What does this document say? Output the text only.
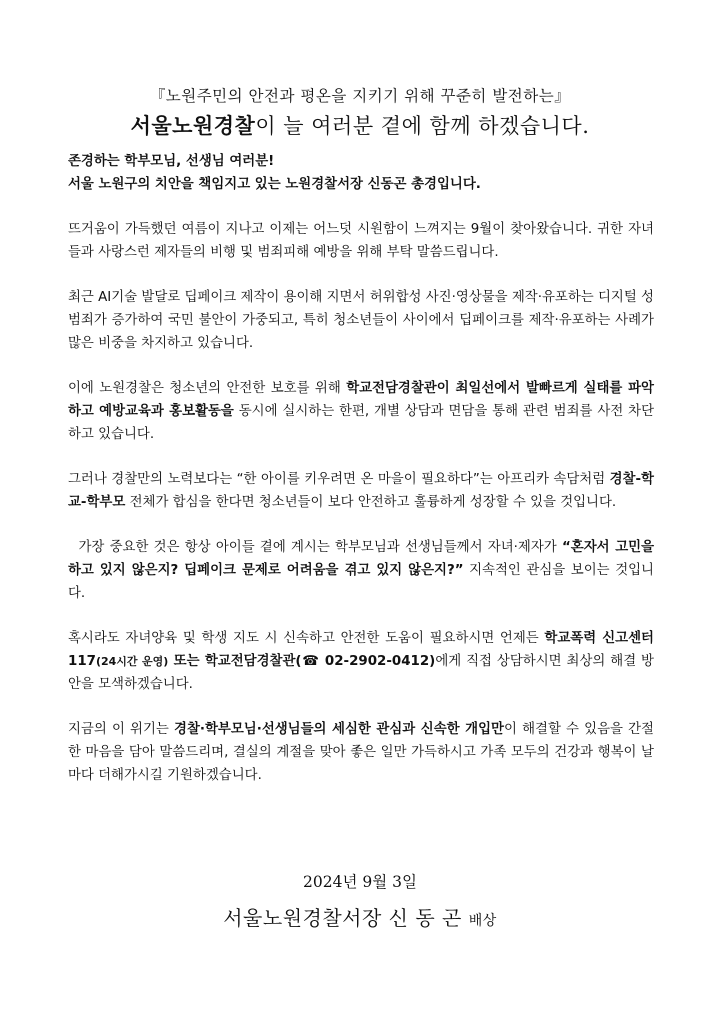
『노원주민의 안전과 평온을 지키기 위해 꾸준히 발전하는』
서울노원경찰이 늘 여러분 곁에 함께 하겠습니다.

존경하는 학부모님, 선생님 여러분!
서울 노원구의 치안을 책임지고 있는 노원경찰서장 신동곤 총경입니다.

뜨거움이 가득했던 여름이 지나고 이제는 어느덧 시원함이 느껴지는 9월이 찾아왔습니다. 귀한 자녀들과 사랑스런 제자들의 비행 및 범죄피해 예방을 위해 부탁 말씀드립니다.

최근 AI기술 발달로 딥페이크 제작이 용이해 지면서 허위합성 사진·영상물을 제작·유포하는 디지털 성범죄가 증가하여 국민 불안이 가중되고, 특히 청소년들이 사이에서 딥페이크를 제작·유포하는 사례가 많은 비중을 차지하고 있습니다.

이에 노원경찰은 청소년의 안전한 보호를 위해 학교전담경찰관이 최일선에서 발빠르게 실태를 파악하고 예방교육과 홍보활동을 동시에 실시하는 한편, 개별 상담과 면담을 통해 관련 범죄를 사전 차단하고 있습니다.

그러나 경찰만의 노력보다는 “한 아이를 키우려면 온 마을이 필요하다”는 아프리카 속담처럼 경찰-학교-학부모 전체가 합심을 한다면 청소년들이 보다 안전하고 훌륭하게 성장할 수 있을 것입니다.

가장 중요한 것은 항상 아이들 곁에 계시는 학부모님과 선생님들께서 자녀·제자가 “혼자서 고민을 하고 있지 않은지? 딥페이크 문제로 어려움을 겪고 있지 않은지?” 지속적인 관심을 보이는 것입니다.

혹시라도 자녀양육 및 학생 지도 시 신속하고 안전한 도움이 필요하시면 언제든 학교폭력 신고센터 117(24시간 운영) 또는 학교전담경찰관(☎ 02-2902-0412)에게 직접 상담하시면 최상의 해결 방안을 모색하겠습니다.

지금의 이 위기는 경찰·학부모님·선생님들의 세심한 관심과 신속한 개입만이 해결할 수 있음을 간절한 마음을 담아 말씀드리며, 결실의 계절을 맞아 좋은 일만 가득하시고 가족 모두의 건강과 행복이 날마다 더해가시길 기원하겠습니다.

2024년 9월 3일
서울노원경찰서장 신 동 곤 배상
